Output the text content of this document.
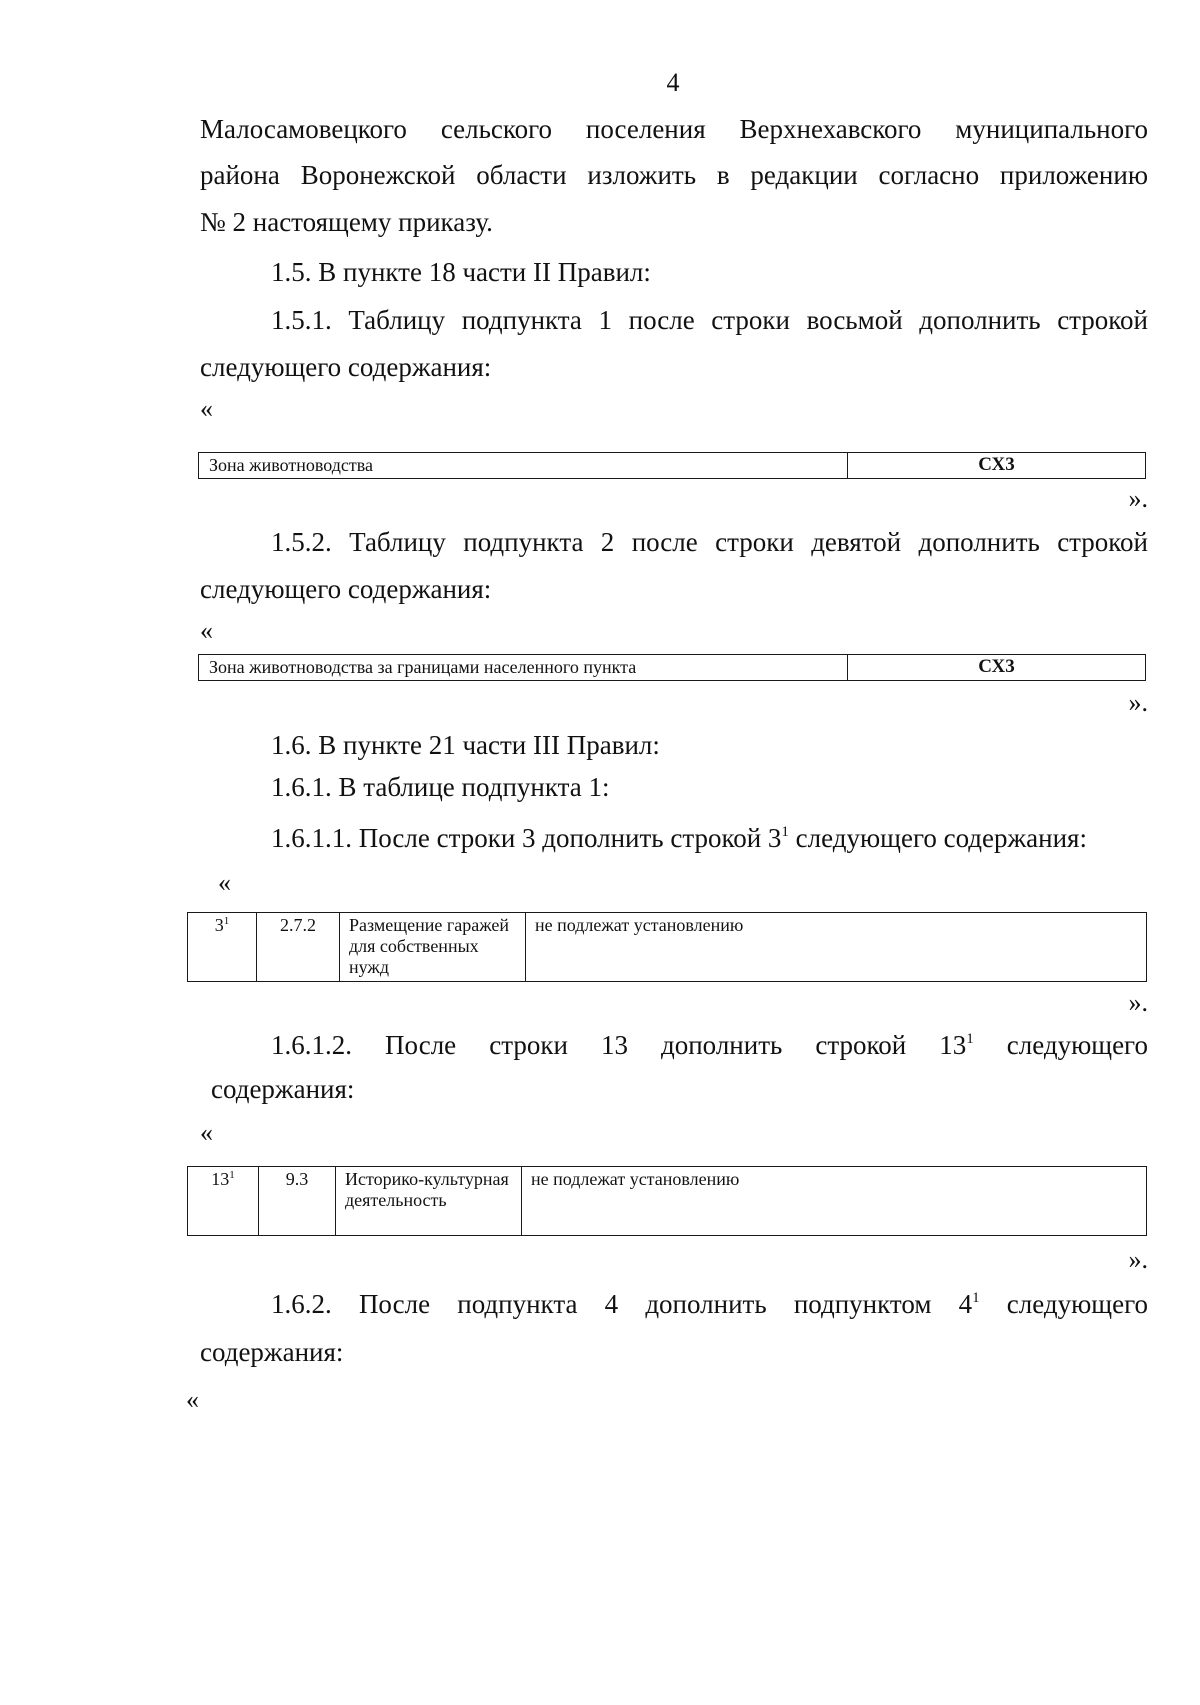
4
Малосамовецкого сельского поселения Верхнехавского муниципального
района Воронежской области изложить в редакции согласно приложению
№ 2 настоящему приказу.
1.5. В пункте 18 части II Правил:
1.5.1. Таблицу подпункта 1 после строки восьмой дополнить строкой
следующего содержания:
«
Зона животноводства	СХ3
».
1.5.2. Таблицу подпункта 2 после строки девятой дополнить строкой
следующего содержания:
«
Зона животноводства за границами населенного пункта	СХ3
».
1.6. В пункте 21 части III Правил:
1.6.1. В таблице подпункта 1:
1.6.1.1. После строки 3 дополнить строкой $3^1$ следующего содержания:
«
$3^1$	2.7.2	Размещение гаражей для собственных нужд	не подлежат установлению
».
1.6.1.2. После строки 13 дополнить строкой $13^1$ следующего
содержания:
«
$13^1$	9.3	Историко-культурная деятельность	не подлежат установлению
».
1.6.2. После подпункта 4 дополнить подпунктом $4^1$ следующего
содержания:
«
